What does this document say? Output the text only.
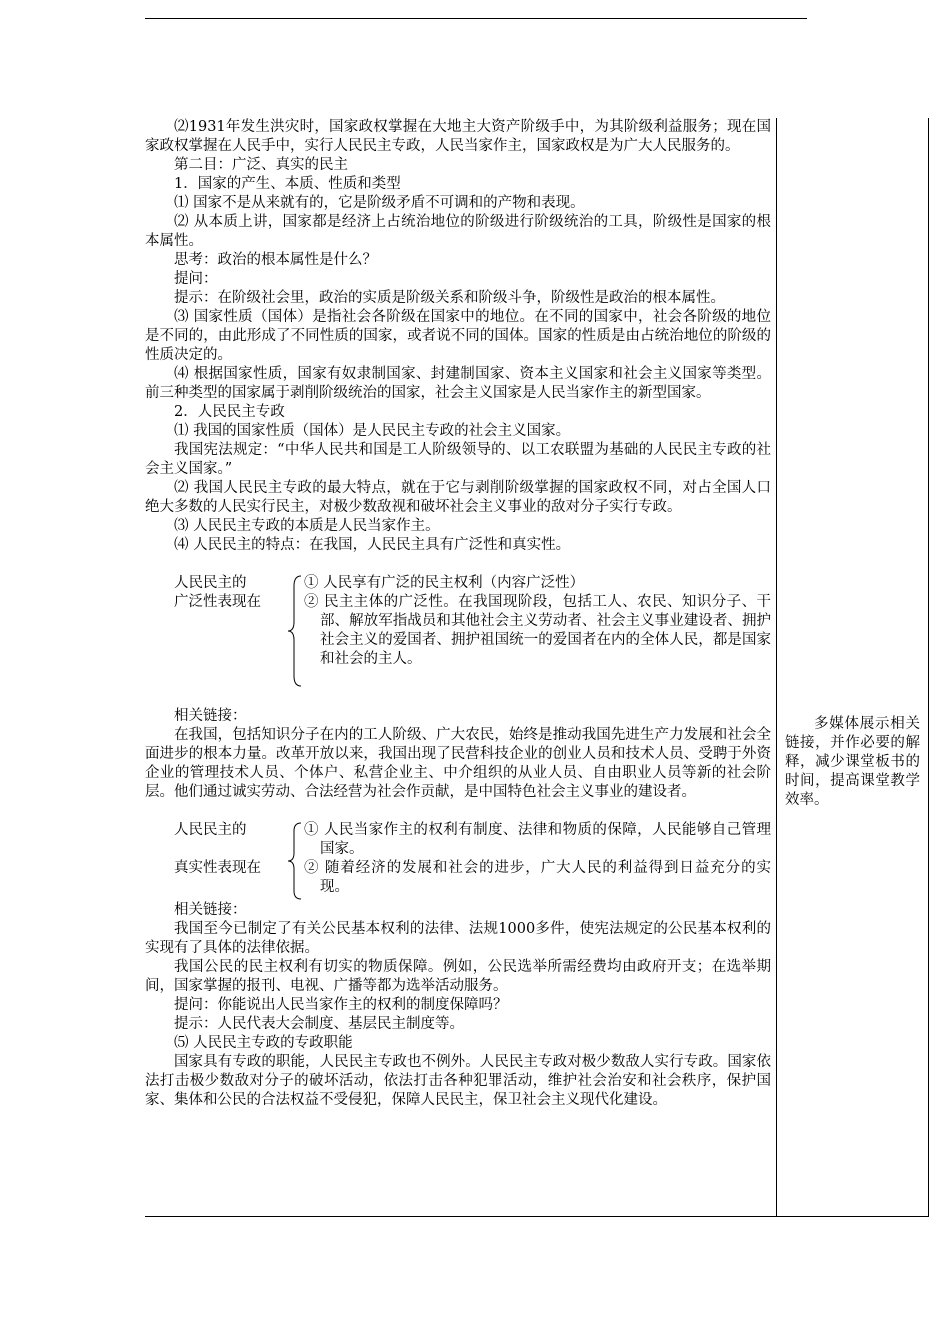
⑵1931年发生洪灾时，国家政权掌握在大地主大资产阶级手中，为其阶级利益服务；现在国家政权掌握在人民手中，实行人民民主专政，人民当家作主，国家政权是为广大人民服务的。

第二目：广泛、真实的民主

1．国家的产生、本质、性质和类型

⑴ 国家不是从来就有的，它是阶级矛盾不可调和的产物和表现。

⑵ 从本质上讲，国家都是经济上占统治地位的阶级进行阶级统治的工具，阶级性是国家的根本属性。

思考：政治的根本属性是什么？

提问：

提示：在阶级社会里，政治的实质是阶级关系和阶级斗争，阶级性是政治的根本属性。

⑶ 国家性质（国体）是指社会各阶级在国家中的地位。在不同的国家中，社会各阶级的地位是不同的，由此形成了不同性质的国家，或者说不同的国体。国家的性质是由占统治地位的阶级的性质决定的。

⑷ 根据国家性质，国家有奴隶制国家、封建制国家、资本主义国家和社会主义国家等类型。前三种类型的国家属于剥削阶级统治的国家，社会主义国家是人民当家作主的新型国家。

2．人民民主专政

⑴ 我国的国家性质（国体）是人民民主专政的社会主义国家。

我国宪法规定：“中华人民共和国是工人阶级领导的、以工农联盟为基础的人民民主专政的社会主义国家。”

⑵ 我国人民民主专政的最大特点，就在于它与剥削阶级掌握的国家政权不同，对占全国人口绝大多数的人民实行民主，对极少数敌视和破坏社会主义事业的敌对分子实行专政。

⑶ 人民民主专政的本质是人民当家作主。

⑷ 人民民主的特点：在我国，人民民主具有广泛性和真实性。

人民民主的
广泛性表现在

① 人民享有广泛的民主权利（内容广泛性）

② 民主主体的广泛性。在我国现阶段，包括工人、农民、知识分子、干部、解放军指战员和其他社会主义劳动者、社会主义事业建设者、拥护社会主义的爱国者、拥护祖国统一的爱国者在内的全体人民，都是国家和社会的主人。

相关链接：

在我国，包括知识分子在内的工人阶级、广大农民，始终是推动我国先进生产力发展和社会全面进步的根本力量。改革开放以来，我国出现了民营科技企业的创业人员和技术人员、受聘于外资企业的管理技术人员、个体户、私营企业主、中介组织的从业人员、自由职业人员等新的社会阶层。他们通过诚实劳动、合法经营为社会作贡献，是中国特色社会主义事业的建设者。

人民民主的
真实性表现在

① 人民当家作主的权利有制度、法律和物质的保障，人民能够自己管理国家。

② 随着经济的发展和社会的进步，广大人民的利益得到日益充分的实现。

相关链接：

我国至今已制定了有关公民基本权利的法律、法规1000多件，使宪法规定的公民基本权利的实现有了具体的法律依据。

我国公民的民主权利有切实的物质保障。例如，公民选举所需经费均由政府开支；在选举期间，国家掌握的报刊、电视、广播等都为选举活动服务。

提问：你能说出人民当家作主的权利的制度保障吗？

提示：人民代表大会制度、基层民主制度等。

⑸ 人民民主专政的专政职能

国家具有专政的职能，人民民主专政也不例外。人民民主专政对极少数敌人实行专政。国家依法打击极少数敌对分子的破坏活动，依法打击各种犯罪活动，维护社会治安和社会秩序，保护国家、集体和公民的合法权益不受侵犯，保障人民民主，保卫社会主义现代化建设。

多媒体展示相关链接，并作必要的解释，减少课堂板书的时间，提高课堂教学效率。
